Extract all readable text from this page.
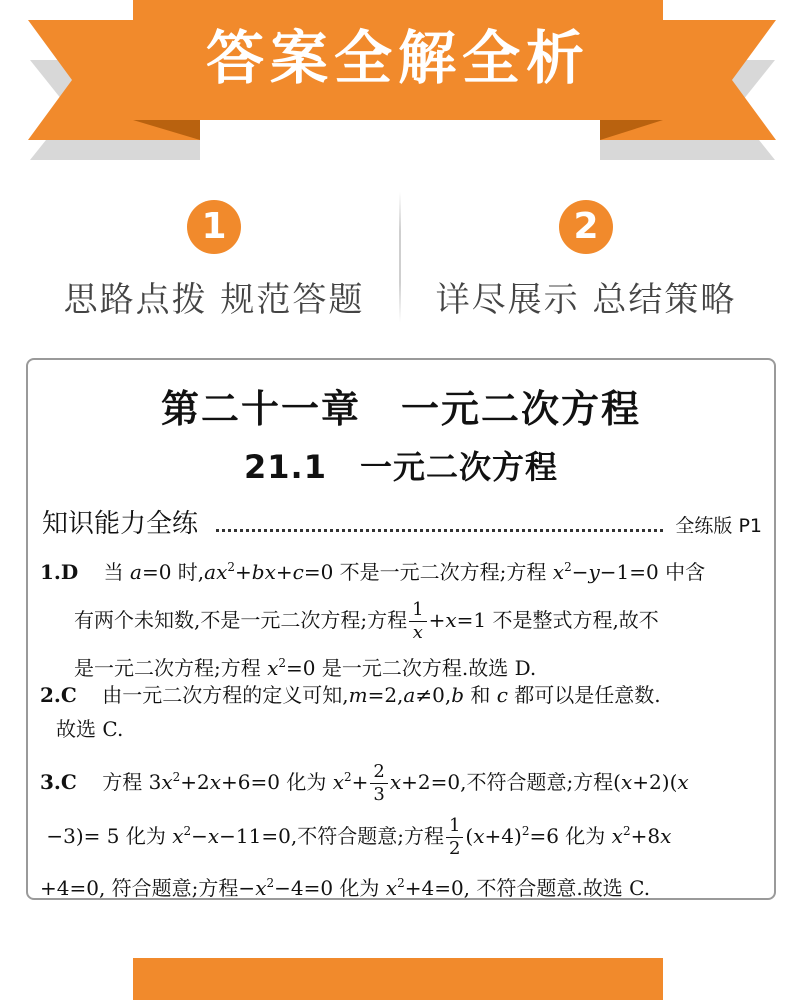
答案全解全析
1
思路点拨 规范答题
2
详尽展示 总结策略
第二十一章　一元二次方程
21.1　一元二次方程
知识能力全练	全练版 P1
1.D 当 a=0 时$,ax^2+bx+c=0$ 不是一元二次方程;方程 $x^2-y-1=0$ 中含
有两个未知数,不是一元二次方程;方程 $\frac{1}{x} +x=1$ 不是整式方程,故不
是一元二次方程;方程 $x^2=0$ 是一元二次方程.故选 D.
2.C 由一元二次方程的定义可知,m=2,a≠0,b 和 c 都可以是任意数.
故选 C.
3.C 方程 $3x^2+2x+6=0$ 化为 $x^2+ \frac{2}{3} x+2=0$,不符合题意;方程(x+2)(x
−3)= 5 化为 $x^2-x-11=0$,不符合题意;方程 $\frac{1}{2} (x+4)^2=6$ 化为 $x^2+8x$
+4=0, 符合题意;方程$-x^2-4=0$ 化为 $x^2+4=0$, 不符合题意.故选 C.
